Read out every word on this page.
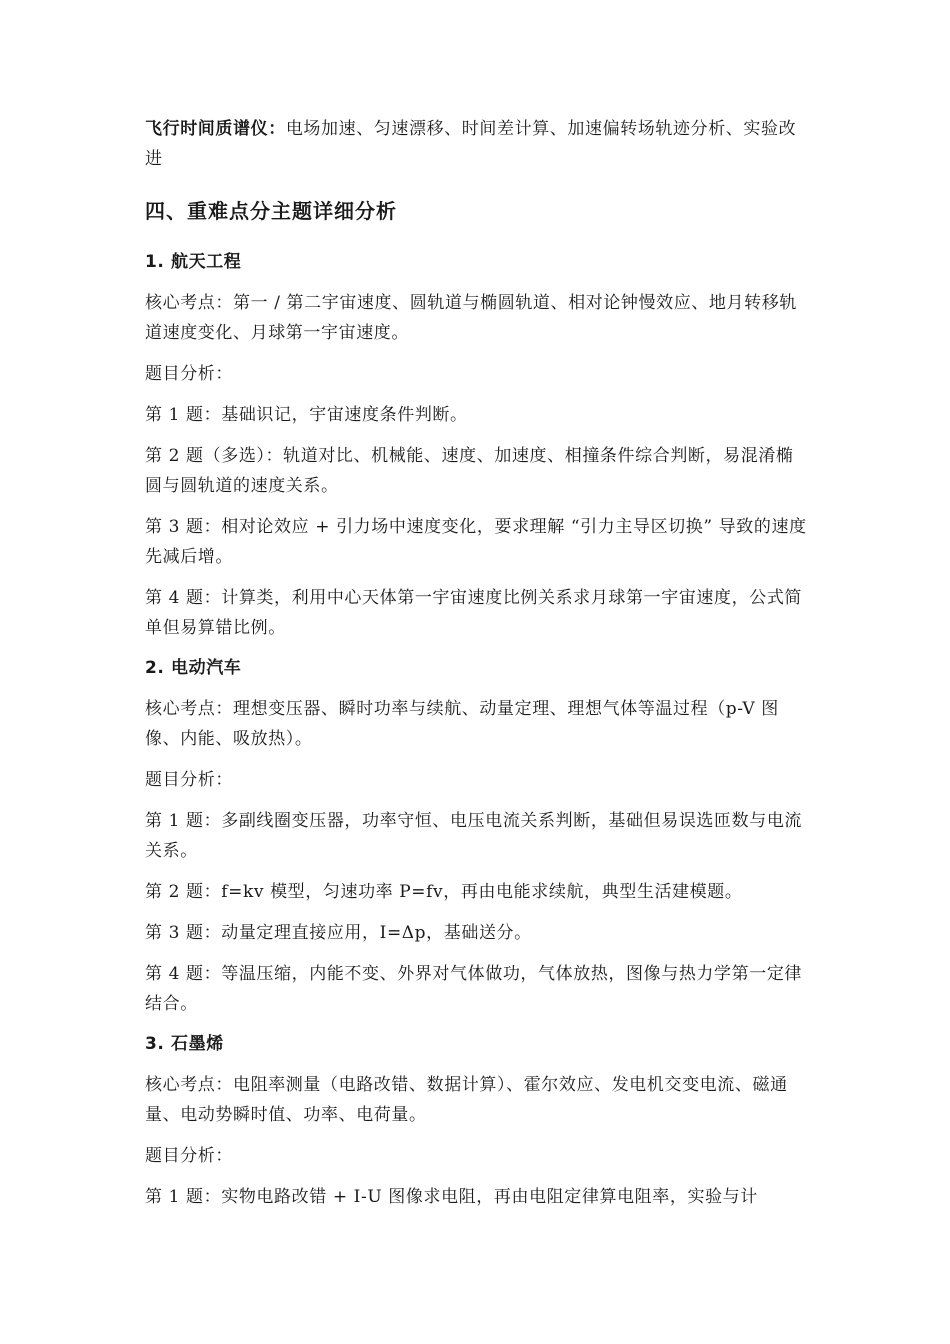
飞行时间质谱仪：电场加速、匀速漂移、时间差计算、加速偏转场轨迹分析、实验改进

四、重难点分主题详细分析
1. 航天工程

核心考点：第一 / 第二宇宙速度、圆轨道与椭圆轨道、相对论钟慢效应、地月转移轨道速度变化、月球第一宇宙速度。

题目分析：

第 1 题：基础识记，宇宙速度条件判断。

第 2 题（多选）：轨道对比、机械能、速度、加速度、相撞条件综合判断，易混淆椭圆与圆轨道的速度关系。

第 3 题：相对论效应 + 引力场中速度变化，要求理解 “引力主导区切换” 导致的速度先减后增。

第 4 题：计算类，利用中心天体第一宇宙速度比例关系求月球第一宇宙速度，公式简单但易算错比例。

2. 电动汽车

核心考点：理想变压器、瞬时功率与续航、动量定理、理想气体等温过程（p-V 图像、内能、吸放热）。

题目分析：

第 1 题：多副线圈变压器，功率守恒、电压电流关系判断，基础但易误选匝数与电流关系。

第 2 题：f=kv 模型，匀速功率 P=fv，再由电能求续航，典型生活建模题。

第 3 题：动量定理直接应用，I=Δp，基础送分。

第 4 题：等温压缩，内能不变、外界对气体做功，气体放热，图像与热力学第一定律结合。

3. 石墨烯

核心考点：电阻率测量（电路改错、数据计算）、霍尔效应、发电机交变电流、磁通量、电动势瞬时值、功率、电荷量。

题目分析：

第 1 题：实物电路改错 + I-U 图像求电阻，再由电阻定律算电阻率，实验与计
